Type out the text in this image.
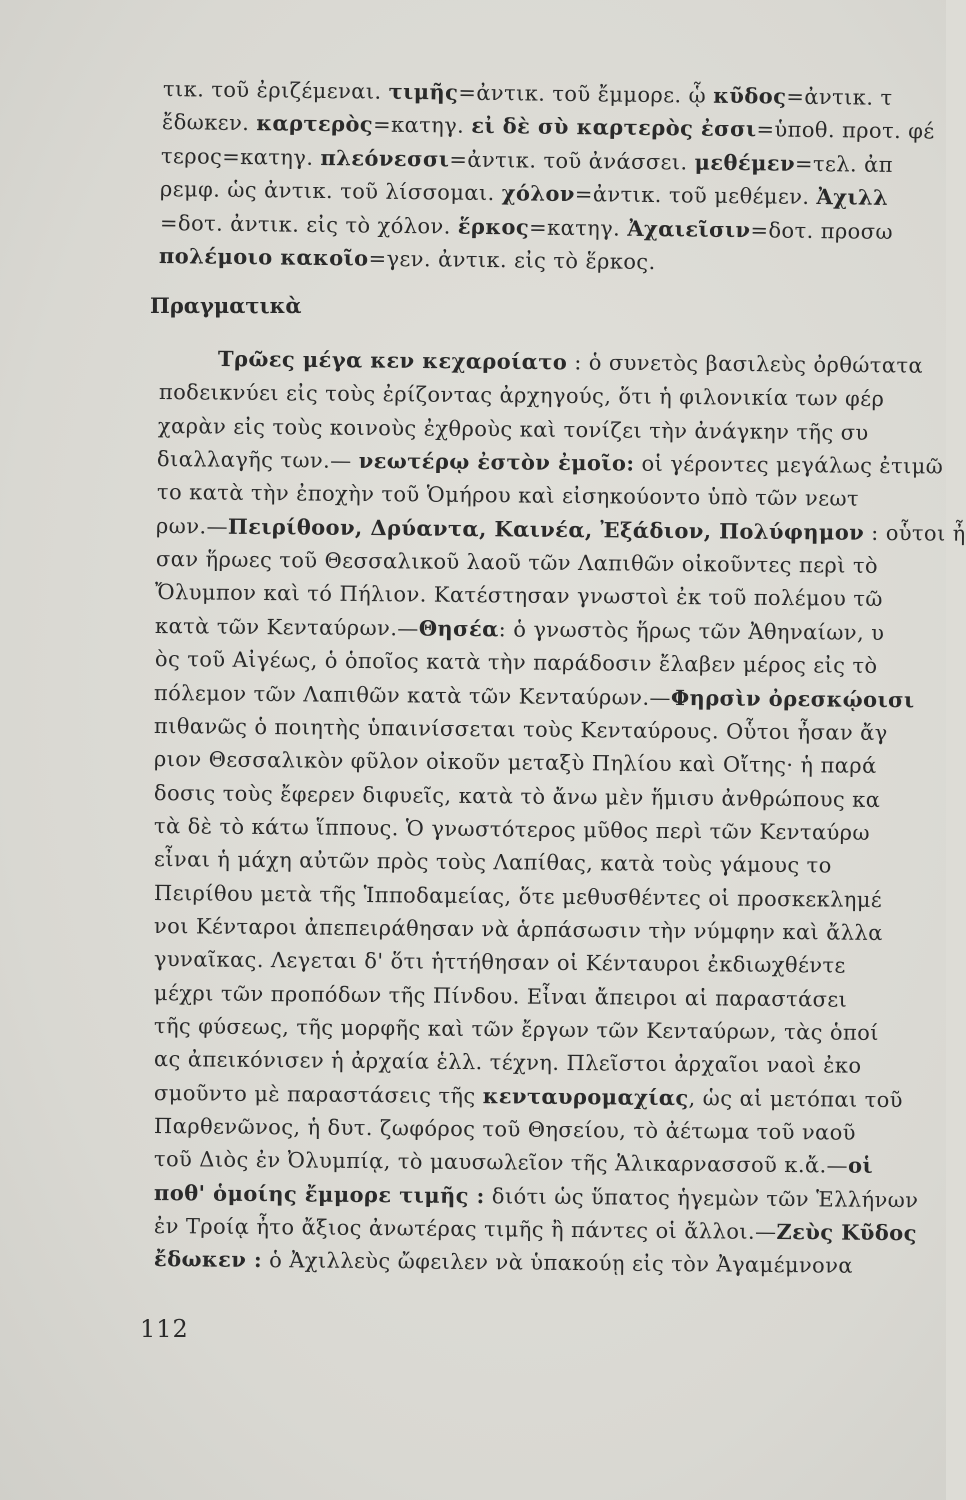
τικ. τοῦ ἐριζέμεναι. τιμῆς=ἀντικ. τοῦ ἔμμορε. ᾧ κῦδος=ἀντικ. τ
ἔδωκεν. καρτερὸς=κατηγ. εἰ δὲ σὺ καρτερὸς ἐσσι=ὑποθ. προτ. φέ
τερος=κατηγ. πλεόνεσσι=ἀντικ. τοῦ ἀνάσσει. μεθέμεν=τελ. ἀπ
ρεμφ. ὡς ἀντικ. τοῦ λίσσομαι. χόλον=ἀντικ. τοῦ μεθέμεν. Ἀχιλλ
=δοτ. ἀντικ. εἰς τὸ χόλον. ἕρκος=κατηγ. Ἀχαιεῖσιν=δοτ. προσω
πολέμοιο κακοῖο=γεν. ἀντικ. εἰς τὸ ἕρκος.
Πραγματικὰ
Τρῶες μέγα κεν κεχαροίατο : ὁ συνετὸς βασιλεὺς ὀρθώτατα
ποδεικνύει εἰς τοὺς ἐρίζοντας ἀρχηγούς, ὅτι ἡ φιλονικία των φέρ
χαρὰν εἰς τοὺς κοινοὺς ἐχθροὺς καὶ τονίζει τὴν ἀνάγκην τῆς συ
διαλλαγῆς των.— νεωτέρῳ ἐστὸν ἐμοῖο: οἱ γέροντες μεγάλως ἐτιμῶ
το κατὰ τὴν ἐποχὴν τοῦ Ὁμήρου καὶ εἰσηκούοντο ὑπὸ τῶν νεωτ
ρων.—Πειρίθοον, Δρύαντα, Καινέα, Ἐξάδιον, Πολύφημον : οὗτοι ἦ
σαν ἥρωες τοῦ Θεσσαλικοῦ λαοῦ τῶν Λαπιθῶν οἰκοῦντες περὶ τὸ
Ὄλυμπον καὶ τό Πήλιον. Κατέστησαν γνωστοὶ ἐκ τοῦ πολέμου τῶ
κατὰ τῶν Κενταύρων.—Θησέα: ὁ γνωστὸς ἥρως τῶν Ἀθηναίων, υ
ὸς τοῦ Αἰγέως, ὁ ὁποῖος κατὰ τὴν παράδοσιν ἔλαβεν μέρος εἰς τὸ
πόλεμον τῶν Λαπιθῶν κατὰ τῶν Κενταύρων.—Φηρσὶν ὀρεσκῴοισι
πιθανῶς ὁ ποιητὴς ὑπαινίσσεται τοὺς Κενταύρους. Οὗτοι ἦσαν ἄγ
ριον Θεσσαλικὸν φῦλον οἰκοῦν μεταξὺ Πηλίου καὶ Οἴτης· ἡ παρά
δοσις τοὺς ἔφερεν διφυεῖς, κατὰ τὸ ἄνω μὲν ἥμισυ ἀνθρώπους κα
τὰ δὲ τὸ κάτω ἵππους. Ὁ γνωστότερος μῦθος περὶ τῶν Κενταύρω
εἶναι ἡ μάχη αὐτῶν πρὸς τοὺς Λαπίθας, κατὰ τοὺς γάμους το
Πειρίθου μετὰ τῆς Ἱπποδαμείας, ὅτε μεθυσθέντες οἱ προσκεκλημέ
νοι Κένταροι ἀπεπειράθησαν νὰ ἁρπάσωσιν τὴν νύμφην καὶ ἄλλα
γυναῖκας. Λεγεται δ' ὅτι ἡττήθησαν οἱ Κένταυροι ἐκδιωχθέντε
μέχρι τῶν προπόδων τῆς Πίνδου. Εἶναι ἄπειροι αἱ παραστάσει
τῆς φύσεως, τῆς μορφῆς καὶ τῶν ἔργων τῶν Κενταύρων, τὰς ὁποί
ας ἀπεικόνισεν ἡ ἀρχαία ἑλλ. τέχνη. Πλεῖστοι ἀρχαῖοι ναοὶ ἐκο
σμοῦντο μὲ παραστάσεις τῆς κενταυρομαχίας, ὡς αἱ μετόπαι τοῦ
Παρθενῶνος, ἡ δυτ. ζωφόρος τοῦ Θησείου, τὸ ἀέτωμα τοῦ ναοῦ
τοῦ Διὸς ἐν Ὀλυμπίᾳ, τὸ μαυσωλεῖον τῆς Ἁλικαρνασσοῦ κ.ἄ.—οἱ
ποθ' ὁμοίης ἔμμορε τιμῆς : διότι ὡς ὕπατος ἡγεμὼν τῶν Ἑλλήνων
ἐν Τροίᾳ ἦτο ἄξιος ἀνωτέρας τιμῆς ἢ πάντες οἱ ἄλλοι.—Ζεὺς Κῦδος
ἔδωκεν : ὁ Ἀχιλλεὺς ὤφειλεν νὰ ὑπακούῃ εἰς τὸν Ἀγαμέμνονα
112
